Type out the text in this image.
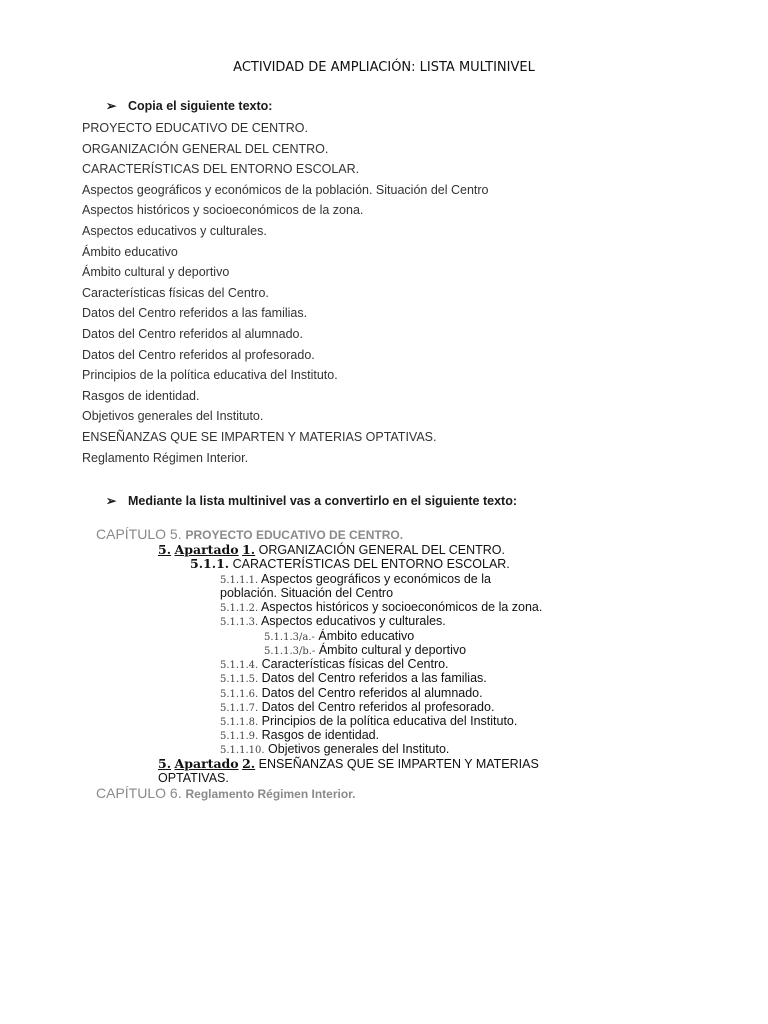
ACTIVIDAD DE AMPLIACIÓN: LISTA MULTINIVEL
➢ Copia el siguiente texto:
PROYECTO EDUCATIVO DE CENTRO.
ORGANIZACIÓN GENERAL DEL CENTRO.
CARACTERÍSTICAS DEL ENTORNO ESCOLAR.
Aspectos geográficos y económicos de la población. Situación del Centro
Aspectos históricos y socioeconómicos de la zona.
Aspectos educativos y culturales.
Ámbito educativo
Ámbito cultural y deportivo
Características físicas del Centro.
Datos del Centro referidos a las familias.
Datos del Centro referidos al alumnado.
Datos del Centro referidos al profesorado.
Principios de la política educativa del Instituto.
Rasgos de identidad.
Objetivos generales del Instituto.
ENSEÑANZAS QUE SE IMPARTEN Y MATERIAS OPTATIVAS.
Reglamento Régimen Interior.
➢ Mediante la lista multinivel vas a convertirlo en el siguiente texto:
CAPÍTULO 5. PROYECTO EDUCATIVO DE CENTRO.
5. Apartado 1. ORGANIZACIÓN GENERAL DEL CENTRO.
5.1.1. CARACTERÍSTICAS DEL ENTORNO ESCOLAR.
5.1.1.1. Aspectos geográficos y económicos de la
población. Situación del Centro
5.1.1.2. Aspectos históricos y socioeconómicos de la zona.
5.1.1.3. Aspectos educativos y culturales.
5.1.1.3/a.- Ámbito educativo
5.1.1.3/b.- Ámbito cultural y deportivo
5.1.1.4. Características físicas del Centro.
5.1.1.5. Datos del Centro referidos a las familias.
5.1.1.6. Datos del Centro referidos al alumnado.
5.1.1.7. Datos del Centro referidos al profesorado.
5.1.1.8. Principios de la política educativa del Instituto.
5.1.1.9. Rasgos de identidad.
5.1.1.10. Objetivos generales del Instituto.
5. Apartado 2. ENSEÑANZAS QUE SE IMPARTEN Y MATERIAS
OPTATIVAS.
CAPÍTULO 6. Reglamento Régimen Interior.
